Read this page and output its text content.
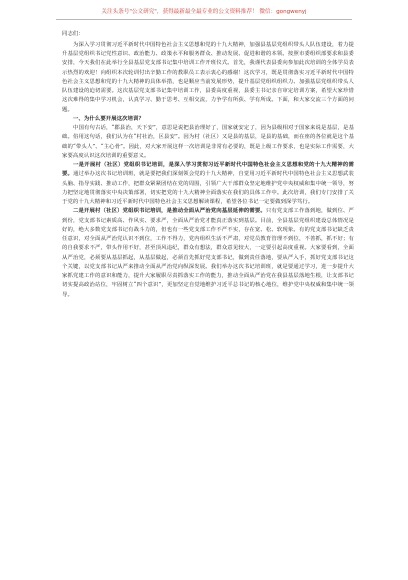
关注头条号"公文研究"，获得最新最全最专业的公文资料推荐！ 微信：gongwenyj

同志们：

为深入学习贯彻习近平新时代中国特色社会主义思想和党的十九大精神，加强县基层党组织带头人队伍建设，着力提升基层党组织书记党性意识、政治能力、政策水平和服务群众、推动发展、促进和谐的本领。按照市委组织部要求和县委安排，今天我们在此举行全县基层党支部书记集中培训工作开班仪式。首先，我谨代表县委向参加此次培训的全体学员表示热烈的欢迎！向组织本次轮训付出辛勤工作的教职员工表示衷心的感谢！这次学习，既是贯彻落实习近平新时代中国特色社会主义思想和党的十九大精神的具体举措，也是顺应当前发展形势，提升基层党组织组织力、加强基层党组织带头人队伍建设的迫切需要。这次基层党支部书记集中培训工作，县委高度重视，县委主书记亲自审定培训方案，希望大家珍惜这次难得的集中学习机会，认真学习、勤于思考、互相交流，力争学有所获、学有所成。下面，和大家交流三个方面的问题。

一、为什么要开展这次培训？

中国有句古话，“郡县治，天下安”，意思是说把县治理好了，国家就安定了，因为县级相对于国家来说是基层，是基础。俗用这句话，我们认为在“村社治，区县安”。因为村（社区）又是县的基层，是县的基础，而在座的各位就是这个基础的“带头人”、“主心骨”。因此，对大家开展这样一次培训是非常有必要的，既是上级工作要求，也是实际工作需要，大家要高度认识这次培训的重要意义。

一是开展村（社区）党组织书记培训，是深入学习贯彻习近平新时代中国特色社会主义思想和党的十九大精神的需要。通过举办这次书记培训班，就是要把我们深刻领会党的十九大精神，自觉用习近平新时代中国特色社会主义思想武装头脑、指导实践、推动工作，把群众紧紧团结在党的周围，引领广大干部群众坚定地维护党中央权威和集中统一领导，努力把坚定地贯彻落实中央决策部署，切实把党的十九大精神全面落实在我们的具体工作中。此次培训，我们专门安排了关于党的十九大精神和习近平新时代中国特色社会主义思想解读课程，希望各位书记一定要做到深学笃行。

二是开展村（社区）党组织书记培训，是推动全面从严治党向基层延伸的需要。只有党支部工作落到地，做到位、严到份，党支部书记素质高、作风实、要求严，全面从严治党才能真正落实到基层。目前，全县基层党组织建设总体情况是好的，绝大多数党支部书记有战斗力的，但也有一些党支部工作不严不实，存在宽、松、软现象。有的党支部书记缺乏责任意识，对全面从严治党认识不到位，工作不得力，党内组织生活不严肃，对党员教育管理不到位，不善抓，抓不好；有的自我要求不严，带头作用不好，甚至顶风违纪，群众有想法，群众意见较大，一定要引起高度重视。大家要看到，全面从严治党，必须要从基层抓起，从基层做起，必须首先抓好党支部书记，做到责任落地，要从严入手，抓好党支部书记这个关键，以党支部书记从严来推动全面从严治党向纵深发展。我们举办这次书记培训班，就是要通过学习，进一步提升大家抓党建工作的意识和能力，提升大家履职尽责抓落实工作的能力，推动全面从严治党在我县基层落地生根，让支部书记切实提高政治站位，牢固树立“四个意识”，更加坚定自觉地维护习近平总书记的核心地位，维护党中央权威和集中统一领导。
